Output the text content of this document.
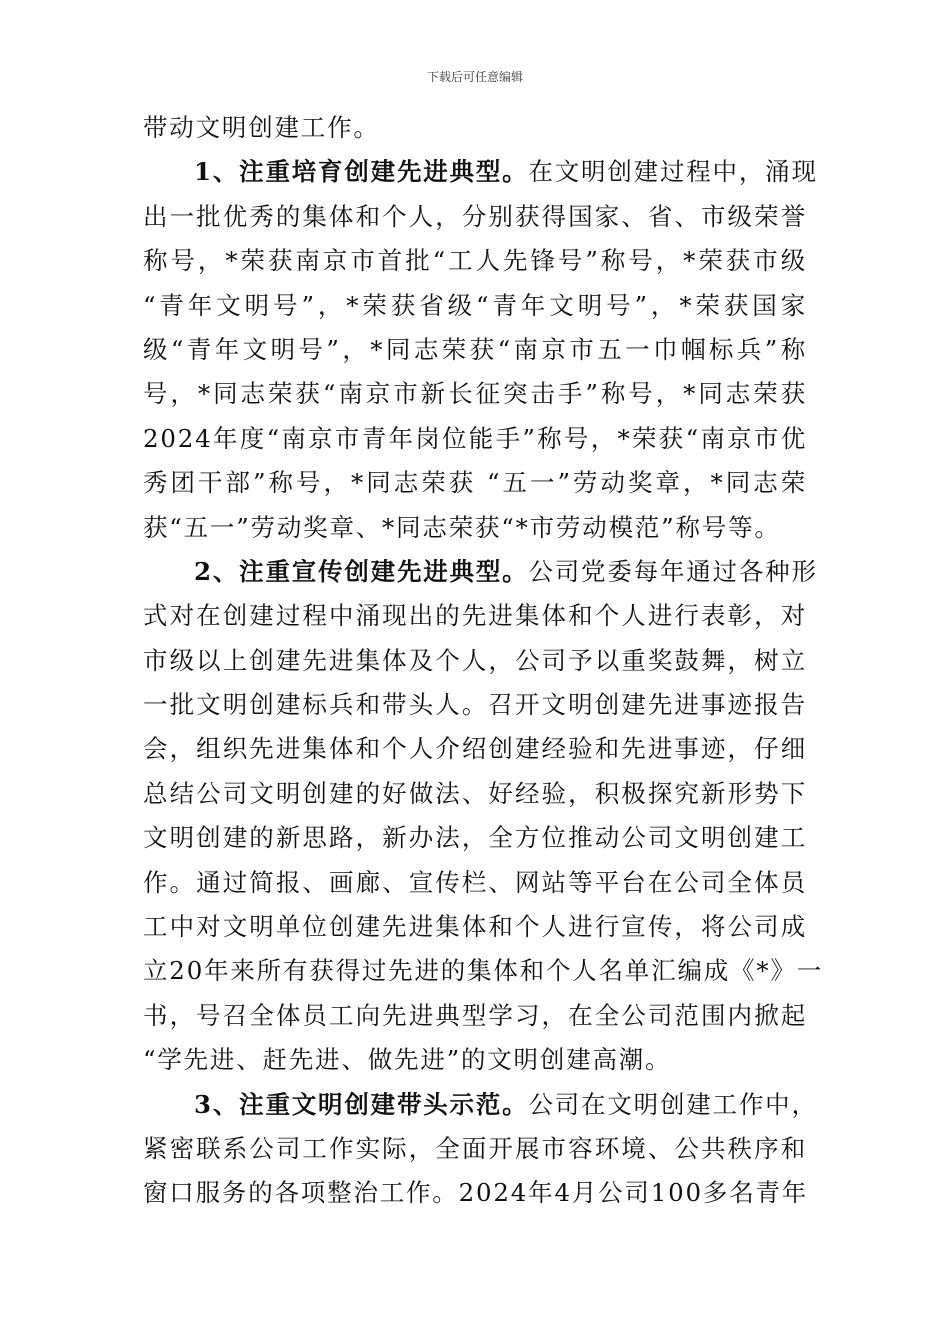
下载后可任意编辑
带动文明创建工作。
1、注重培育创建先进典型。在文明创建过程中，涌现
出一批优秀的集体和个人，分别获得国家、省、市级荣誉
称号，*荣获南京市首批“工人先锋号”称号，*荣获市级
“青年文明号”，*荣获省级“青年文明号”，*荣获国家
级“青年文明号”，*同志荣获“南京市五一巾帼标兵”称
号，*同志荣获“南京市新长征突击手”称号，*同志荣获
2024年度“南京市青年岗位能手”称号，*荣获“南京市优
秀团干部”称号，*同志荣获 “五一”劳动奖章，*同志荣
获“五一”劳动奖章、*同志荣获“*市劳动模范”称号等。
2、注重宣传创建先进典型。公司党委每年通过各种形
式对在创建过程中涌现出的先进集体和个人进行表彰，对
市级以上创建先进集体及个人，公司予以重奖鼓舞，树立
一批文明创建标兵和带头人。召开文明创建先进事迹报告
会，组织先进集体和个人介绍创建经验和先进事迹，仔细
总结公司文明创建的好做法、好经验，积极探究新形势下
文明创建的新思路，新办法，全方位推动公司文明创建工
作。通过简报、画廊、宣传栏、网站等平台在公司全体员
工中对文明单位创建先进集体和个人进行宣传，将公司成
立20年来所有获得过先进的集体和个人名单汇编成《*》一
书，号召全体员工向先进典型学习，在全公司范围内掀起
“学先进、赶先进、做先进”的文明创建高潮。
3、注重文明创建带头示范。公司在文明创建工作中，
紧密联系公司工作实际，全面开展市容环境、公共秩序和
窗口服务的各项整治工作。2024年4月公司100多名青年
